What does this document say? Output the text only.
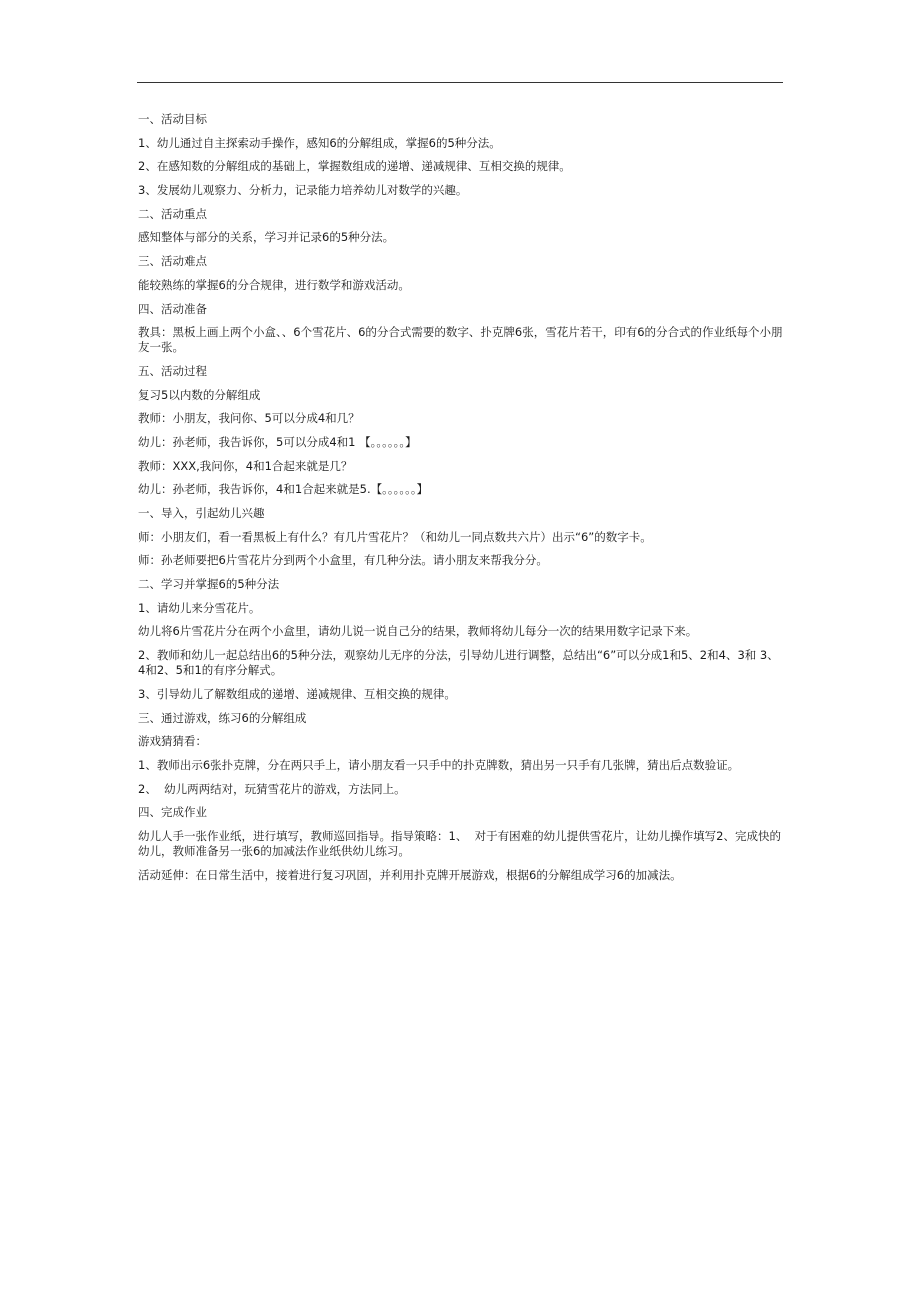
一、活动目标
1、幼儿通过自主探索动手操作，感知6的分解组成，掌握6的5种分法。
2、在感知数的分解组成的基础上，掌握数组成的递增、递减规律、互相交换的规律。
3、发展幼儿观察力、分析力，记录能力培养幼儿对数学的兴趣。
二、活动重点
感知整体与部分的关系，学习并记录6的5种分法。
三、活动难点
能较熟练的掌握6的分合规律，进行数学和游戏活动。
四、活动准备
教具：黑板上画上两个小盒、、6个雪花片、6的分合式需要的数字、扑克牌6张，雪花片若干，印有6的分合式的作业纸每个小朋友一张。
五、活动过程
复习5以内数的分解组成
教师：小朋友，我问你、5可以分成4和几？
幼儿：孙老师，我告诉你，5可以分成4和1 【。。。。。。】
教师：XXX,我问你，4和1合起来就是几？
幼儿：孙老师，我告诉你，4和1合起来就是5.【。。。。。。】
一、导入，引起幼儿兴趣
师：小朋友们，看一看黑板上有什么？有几片雪花片？（和幼儿一同点数共六片）出示“6”的数字卡。
师：孙老师要把6片雪花片分到两个小盒里，有几种分法。请小朋友来帮我分分。
二、学习并掌握6的5种分法
1、请幼儿来分雪花片。
幼儿将6片雪花片分在两个小盒里，请幼儿说一说自己分的结果，教师将幼儿每分一次的结果用数字记录下来。
2、教师和幼儿一起总结出6的5种分法，观察幼儿无序的分法，引导幼儿进行调整，总结出“6”可以分成1和5、2和4、3和 3、4和2、5和1的有序分解式。
3、引导幼儿了解数组成的递增、递减规律、互相交换的规律。
三、通过游戏，练习6的分解组成
游戏猜猜看：
1、教师出示6张扑克牌，分在两只手上，请小朋友看一只手中的扑克牌数，猜出另一只手有几张牌，猜出后点数验证。
2、  幼儿两两结对，玩猜雪花片的游戏，方法同上。
四、完成作业
幼儿人手一张作业纸，进行填写，教师巡回指导。指导策略：1、  对于有困难的幼儿提供雪花片，让幼儿操作填写2、完成快的幼儿，教师准备另一张6的加减法作业纸供幼儿练习。
活动延伸：在日常生活中，接着进行复习巩固，并利用扑克牌开展游戏，根据6的分解组成学习6的加减法。
